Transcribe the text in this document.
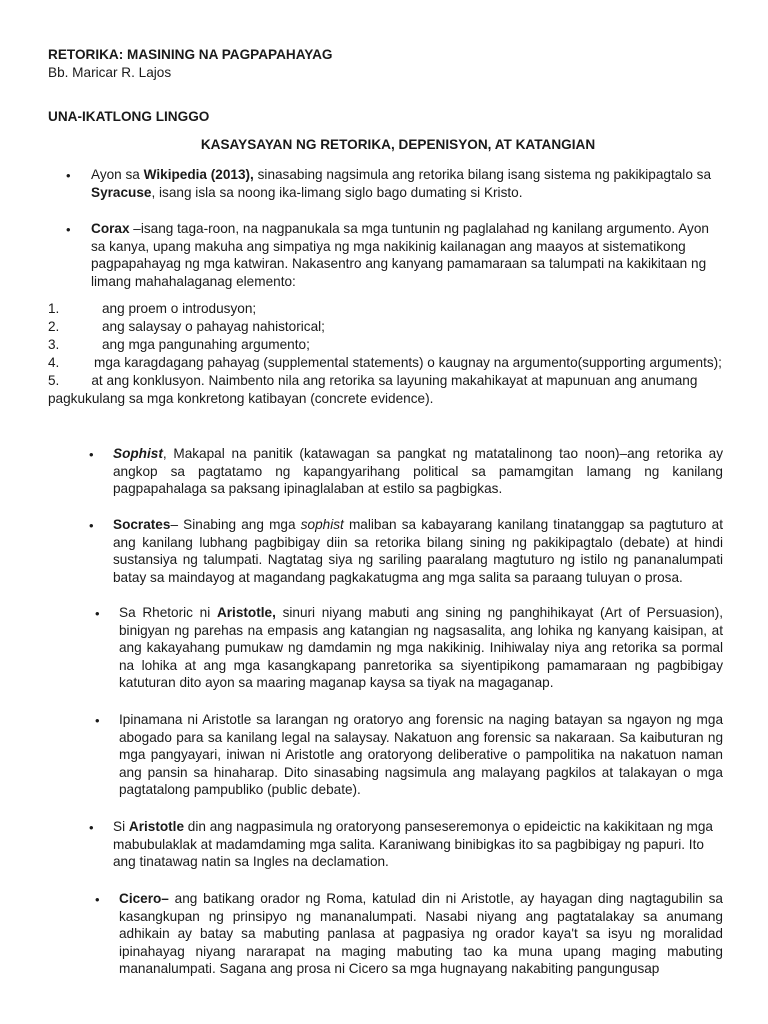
RETORIKA: MASINING NA PAGPAPAHAYAG
Bb. Maricar R. Lajos
UNA-IKATLONG LINGGO
KASAYSAYAN NG RETORIKA, DEPENISYON, AT KATANGIAN
• Ayon sa Wikipedia (2013), sinasabing nagsimula ang retorika bilang isang sistema ng pakikipagtalo sa Syracuse, isang isla sa noong ika-limang siglo bago dumating si Kristo.
• Corax –isang taga-roon, na nagpanukala sa mga tuntunin ng paglalahad ng kanilang argumento. Ayon sa kanya, upang makuha ang simpatiya ng mga nakikinig kailanagan ang maayos at sistematikong pagpapahayag ng mga katwiran. Nakasentro ang kanyang pamamaraan sa talumpati na kakikitaan ng limang mahahalaganag elemento:
1.	ang proem o introdusyon;
2.	ang salaysay o pahayag nahistorical;
3.	ang mga pangunahing argumento;
4.	mga karagdagang pahayag (supplemental statements) o kaugnay na argumento(supporting arguments);
5. at ang konklusyon. Naimbento nila ang retorika sa layuning makahikayat at mapunuan ang anumang pagkukulang sa mga konkretong katibayan (concrete evidence).
• Sophist, Makapal na panitik (katawagan sa pangkat ng matatalinong tao noon)–ang retorika ay angkop sa pagtatamo ng kapangyarihang political sa pamamgitan lamang ng kanilang pagpapahalaga sa paksang ipinaglalaban at estilo sa pagbigkas.
• Socrates– Sinabing ang mga sophist maliban sa kabayarang kanilang tinatanggap sa pagtuturo at ang kanilang lubhang pagbibigay diin sa retorika bilang sining ng pakikipagtalo (debate) at hindi sustansiya ng talumpati. Nagtatag siya ng sariling paaralang magtuturo ng istilo ng pananalumpati batay sa maindayog at magandang pagkakatugma ang mga salita sa paraang tuluyan o prosa.
• Sa Rhetoric ni Aristotle, sinuri niyang mabuti ang sining ng panghihikayat (Art of Persuasion), binigyan ng parehas na empasis ang katangian ng nagsasalita, ang lohika ng kanyang kaisipan, at ang kakayahang pumukaw ng damdamin ng mga nakikinig. Inihiwalay niya ang retorika sa pormal na lohika at ang mga kasangkapang panretorika sa siyentipikong pamamaraan ng pagbibigay katuturan dito ayon sa maaring maganap kaysa sa tiyak na magaganap.
• Ipinamana ni Aristotle sa larangan ng oratoryo ang forensic na naging batayan sa ngayon ng mga abogado para sa kanilang legal na salaysay. Nakatuon ang forensic sa nakaraan. Sa kaibuturan ng mga pangyayari, iniwan ni Aristotle ang oratoryong deliberative o pampolitika na nakatuon naman ang pansin sa hinaharap. Dito sinasabing nagsimula ang malayang pagkilos at talakayan o mga pagtatalong pampubliko (public debate).
• Si Aristotle din ang nagpasimula ng oratoryong panseseremonya o epideictic na kakikitaan ng mga mabubulaklak at madamdaming mga salita. Karaniwang binibigkas ito sa pagbibigay ng papuri. Ito ang tinatawag natin sa Ingles na declamation.
• Cicero– ang batikang orador ng Roma, katulad din ni Aristotle, ay hayagan ding nagtagubilin sa kasangkupan ng prinsipyo ng mananalumpati. Nasabi niyang ang pagtatalakay sa anumang adhikain ay batay sa mabuting panlasa at pagpasiya ng orador kaya't sa isyu ng moralidad ipinahayag niyang nararapat na maging mabuting tao ka muna upang maging mabuting mananalumpati. Sagana ang prosa ni Cicero sa mga hugnayang nakabiting pangungusap
